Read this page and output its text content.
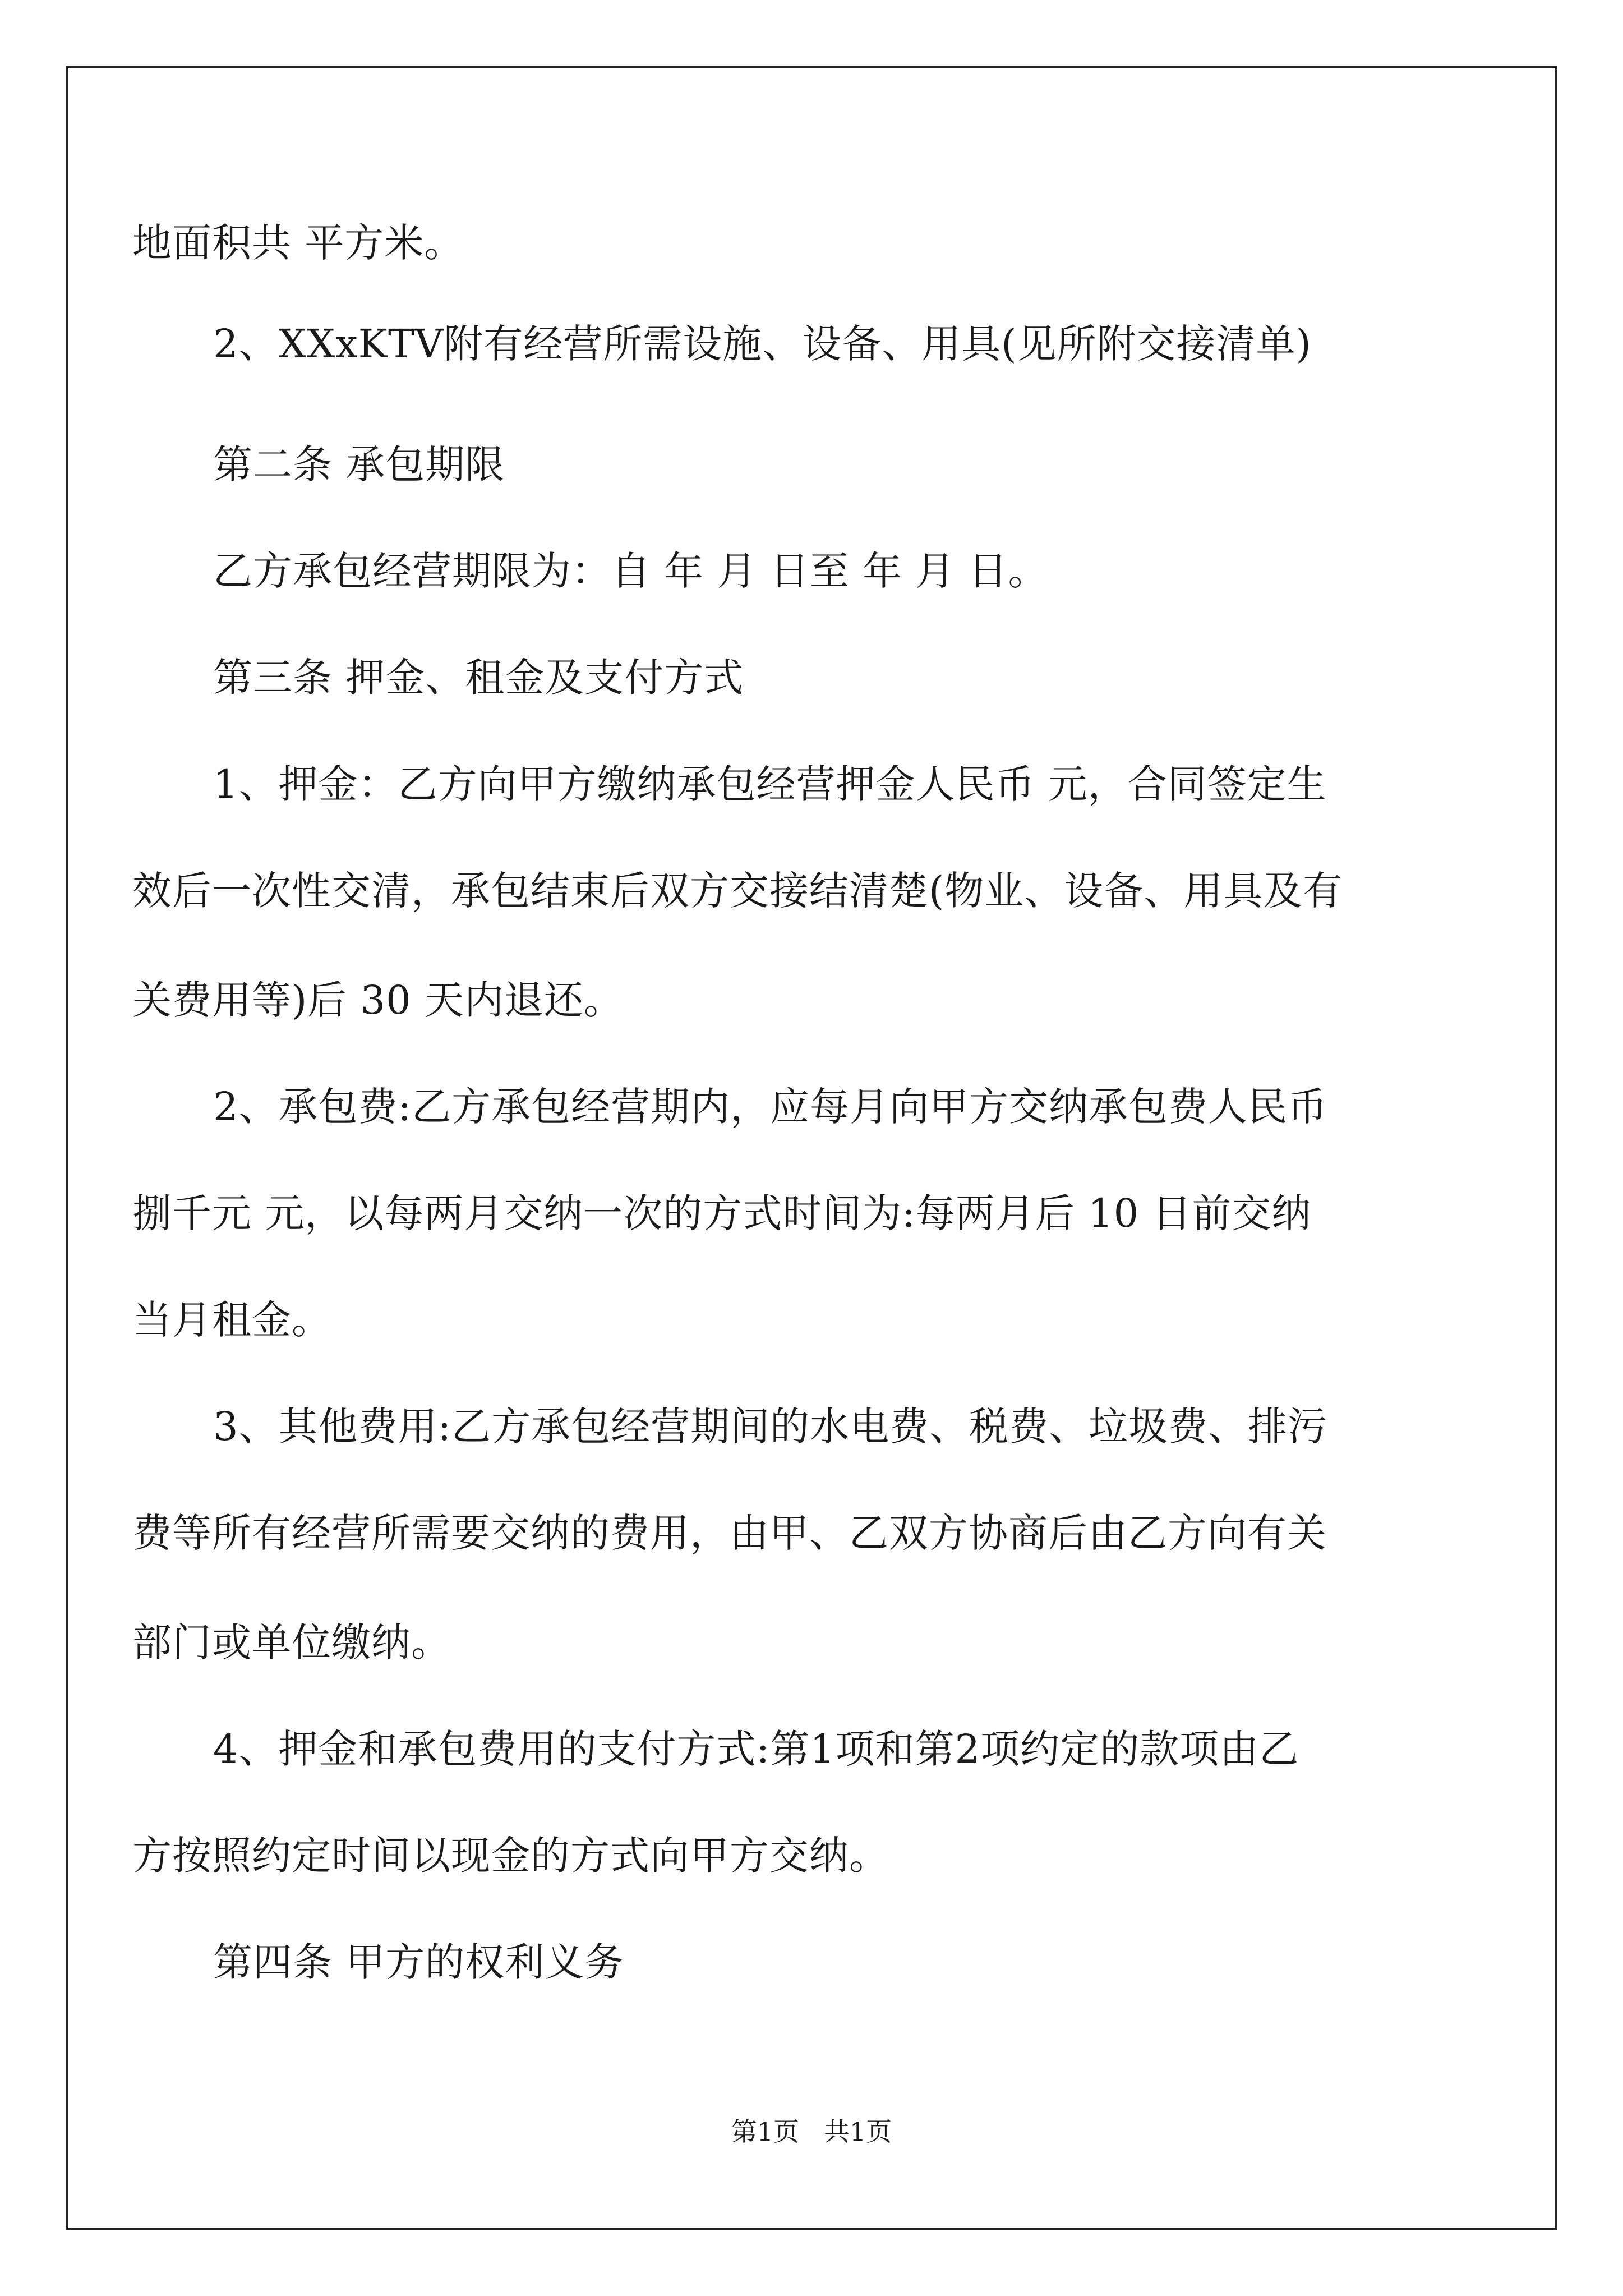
地面积共 平方米。
2、XXxKTV附有经营所需设施、设备、用具(见所附交接清单)
第二条 承包期限
乙方承包经营期限为：自 年 月 日至 年 月 日。
第三条 押金、租金及支付方式
1、押金：乙方向甲方缴纳承包经营押金人民币 元，合同签定生
效后一次性交清，承包结束后双方交接结清楚(物业、设备、用具及有
关费用等)后 30 天内退还。
2、承包费:乙方承包经营期内，应每月向甲方交纳承包费人民币
捌千元 元，以每两月交纳一次的方式时间为:每两月后 10 日前交纳
当月租金。
3、其他费用:乙方承包经营期间的水电费、税费、垃圾费、排污
费等所有经营所需要交纳的费用，由甲、乙双方协商后由乙方向有关
部门或单位缴纳。
4、押金和承包费用的支付方式:第1项和第2项约定的款项由乙
方按照约定时间以现金的方式向甲方交纳。
第四条 甲方的权利义务
第1页 共1页
